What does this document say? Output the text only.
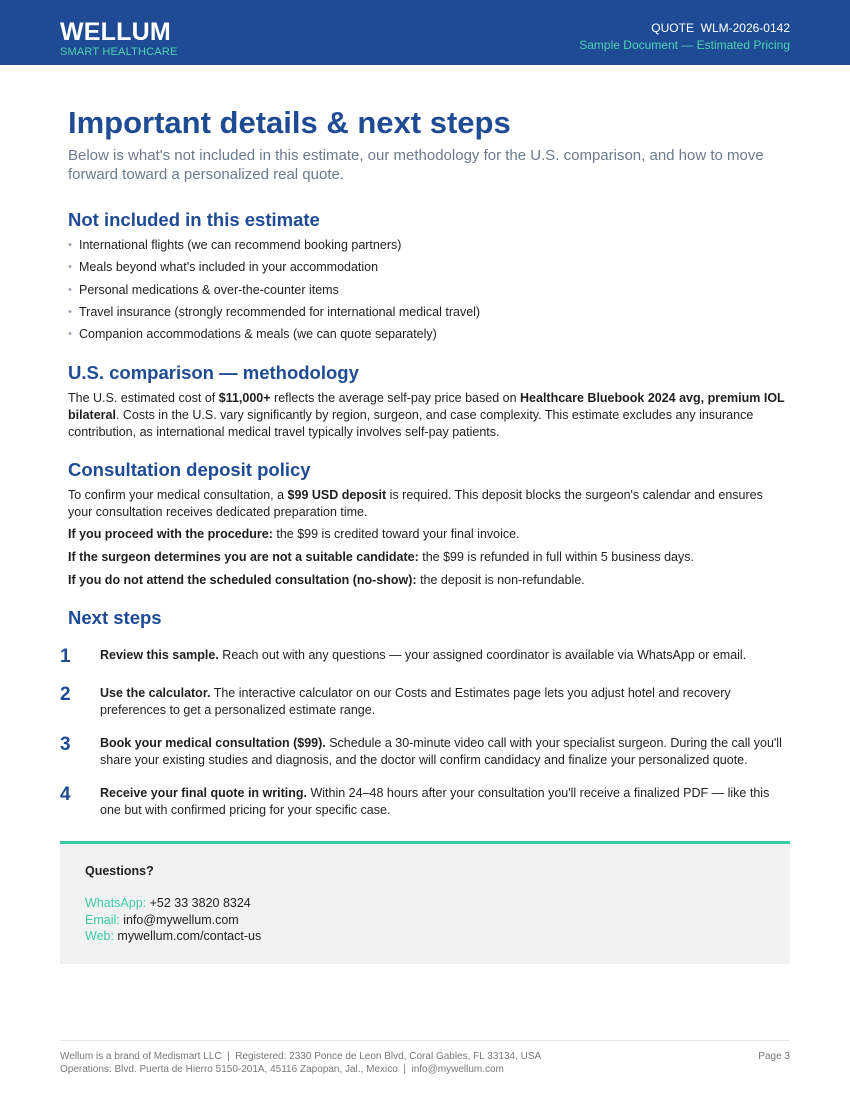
WELLUM
SMART HEALTHCARE
QUOTE  WLM-2026-0142
Sample Document — Estimated Pricing
Important details & next steps

Below is what's not included in this estimate, our methodology for the U.S. comparison, and how to move forward toward a personalized real quote.

Not included in this estimate
• International flights (we can recommend booking partners)
• Meals beyond what's included in your accommodation
• Personal medications & over-the-counter items
• Travel insurance (strongly recommended for international medical travel)
• Companion accommodations & meals (we can quote separately)
U.S. comparison — methodology

The U.S. estimated cost of $11,000+ reflects the average self-pay price based on Healthcare Bluebook 2024 avg, premium IOL bilateral. Costs in the U.S. vary significantly by region, surgeon, and case complexity. This estimate excludes any insurance contribution, as international medical travel typically involves self-pay patients.

Consultation deposit policy

To confirm your medical consultation, a $99 USD deposit is required. This deposit blocks the surgeon's calendar and ensures your consultation receives dedicated preparation time.

If you proceed with the procedure: the $99 is credited toward your final invoice.

If the surgeon determines you are not a suitable candidate: the $99 is refunded in full within 5 business days.

If you do not attend the scheduled consultation (no-show): the deposit is non-refundable.

Next steps
1 Review this sample. Reach out with any questions — your assigned coordinator is available via WhatsApp or email.

2 Use the calculator. The interactive calculator on our Costs and Estimates page lets you adjust hotel and recovery preferences to get a personalized estimate range.

3 Book your medical consultation ($99). Schedule a 30-minute video call with your specialist surgeon. During the call you'll share your existing studies and diagnosis, and the doctor will confirm candidacy and finalize your personalized quote.

4 Receive your final quote in writing. Within 24–48 hours after your consultation you'll receive a finalized PDF — like this one but with confirmed pricing for your specific case.

Questions?

WhatsApp: +52 33 3820 8324

Email: info@mywellum.com

Web: mywellum.com/contact-us

Wellum is a brand of Medismart LLC  |  Registered: 2330 Ponce de Leon Blvd, Coral Gables, FL 33134, USA

Operations: Blvd. Puerta de Hierro 5150-201A, 45116 Zapopan, Jal., Mexico  |  info@mywellum.com

Page 3
